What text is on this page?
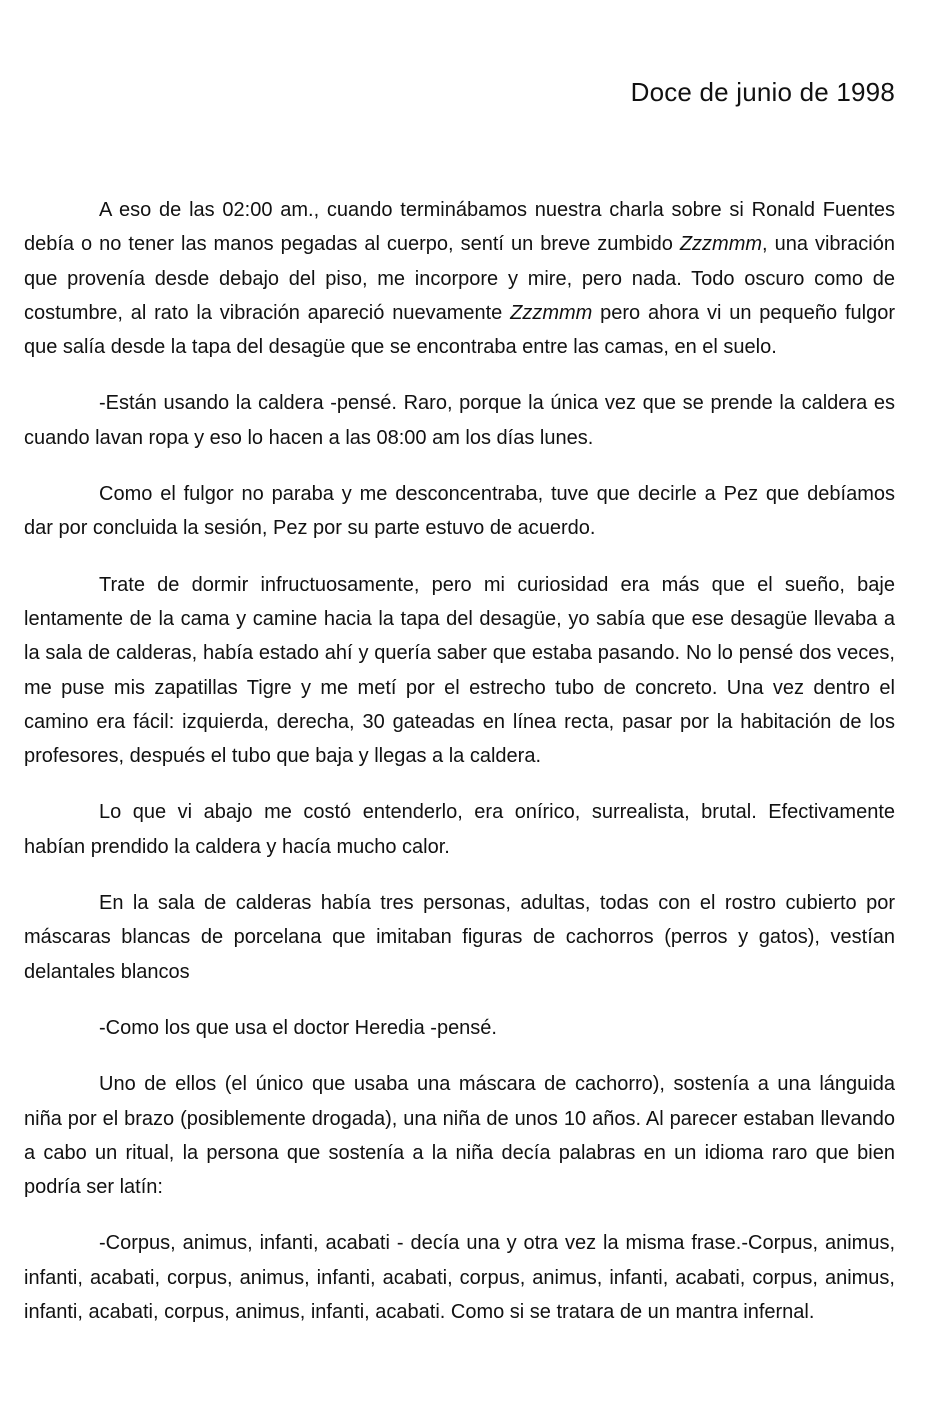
Doce de junio de 1998

A eso de las 02:00 am., cuando terminábamos nuestra charla sobre si Ronald Fuentes debía o no tener las manos pegadas al cuerpo, sentí un breve zumbido Zzzmmm, una vibración que provenía desde debajo del piso, me incorpore y mire, pero nada. Todo oscuro como de costumbre, al rato la vibración apareció nuevamente Zzzmmm pero ahora vi un pequeño fulgor que salía desde la tapa del desagüe que se encontraba entre las camas, en el suelo.

-Están usando la caldera -pensé. Raro, porque la única vez que se prende la caldera es cuando lavan ropa y eso lo hacen a las 08:00 am los días lunes.

Como el fulgor no paraba y me desconcentraba, tuve que decirle a Pez que debíamos dar por concluida la sesión, Pez por su parte estuvo de acuerdo.

Trate de dormir infructuosamente, pero mi curiosidad era más que el sueño, baje lentamente de la cama y camine hacia la tapa del desagüe, yo sabía que ese desagüe llevaba a la sala de calderas, había estado ahí y quería saber que estaba pasando. No lo pensé dos veces, me puse mis zapatillas Tigre y me metí por el estrecho tubo de concreto. Una vez dentro el camino era fácil: izquierda, derecha, 30 gateadas en línea recta, pasar por la habitación de los profesores, después el tubo que baja y llegas a la caldera.

Lo que vi abajo me costó entenderlo, era onírico, surrealista, brutal. Efectivamente habían prendido la caldera y hacía mucho calor.

En la sala de calderas había tres personas, adultas, todas con el rostro cubierto por máscaras blancas de porcelana que imitaban figuras de cachorros (perros y gatos), vestían delantales blancos

-Como los que usa el doctor Heredia -pensé.

Uno de ellos (el único que usaba una máscara de cachorro), sostenía a una lánguida niña por el brazo (posiblemente drogada), una niña de unos 10 años. Al parecer estaban llevando a cabo un ritual, la persona que sostenía a la niña decía palabras en un idioma raro que bien podría ser latín:

-Corpus, animus, infanti, acabati - decía una y otra vez la misma frase.-Corpus, animus, infanti, acabati, corpus, animus, infanti, acabati, corpus, animus, infanti, acabati, corpus, animus, infanti, acabati, corpus, animus, infanti, acabati. Como si se tratara de un mantra infernal.
